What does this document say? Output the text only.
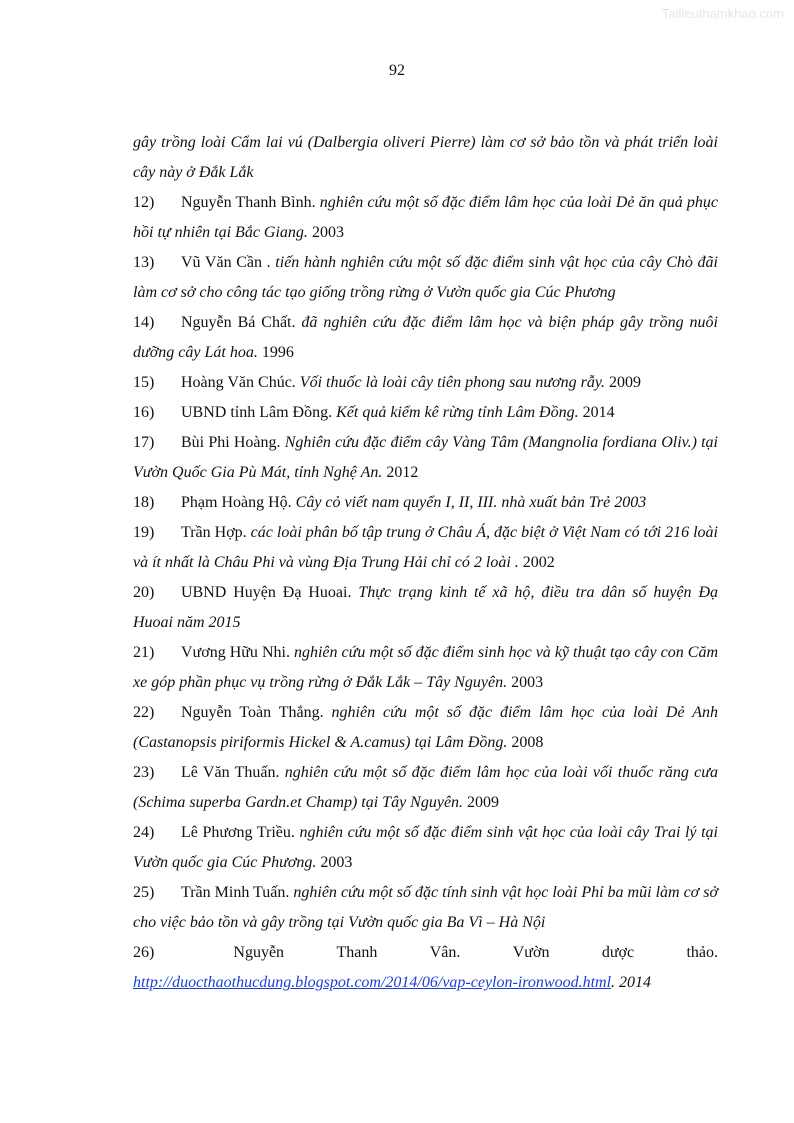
Tailieuthamkhao.com
92

gây trồng loài Cẩm lai vú (Dalbergia oliveri Pierre) làm cơ sở bảo tồn và phát triển loài cây này ở Đắk Lắk

12) Nguyễn Thanh Bình. nghiên cứu một số đặc điểm lâm học của loài Dẻ ăn quả phục hồi tự nhiên tại Bắc Giang. 2003

13) Vũ Văn Cần . tiến hành nghiên cứu một số đặc điểm sinh vật học của cây Chò đãi làm cơ sở cho công tác tạo giống trồng rừng ở Vườn quốc gia Cúc Phương

14) Nguyễn Bá Chất. đã nghiên cứu đặc điểm lâm học và biện pháp gây trồng nuôi dưỡng cây Lát hoa. 1996

15) Hoàng Văn Chúc. Vối thuốc là loài cây tiên phong sau nương rẫy. 2009

16) UBND tỉnh Lâm Đồng. Kết quả kiểm kê rừng tỉnh Lâm Đồng. 2014

17) Bùi Phi Hoàng. Nghiên cứu đặc điểm cây Vàng Tâm (Mangnolia fordiana Oliv.) tại Vườn Quốc Gia Pù Mát, tỉnh Nghệ An. 2012

18) Phạm Hoàng Hộ. Cây cỏ viết nam quyển I, II, III. nhà xuất bản Trẻ 2003

19) Trần Hợp. các loài phân bố tập trung ở Châu Á, đặc biệt ở Việt Nam có tới 216 loài và ít nhất là Châu Phi và vùng Địa Trung Hải chỉ có 2 loài . 2002

20) UBND Huyện Đạ Huoai. Thực trạng kinh tế xã hộ, điều tra dân số huyện Đạ Huoai năm 2015

21) Vương Hữu Nhi. nghiên cứu một số đặc điểm sinh học và kỹ thuật tạo cây con Căm xe góp phần phục vụ trồng rừng ở Đắk Lắk – Tây Nguyên. 2003

22) Nguyễn Toàn Thắng. nghiên cứu một số đặc điểm lâm học của loài Dẻ Anh (Castanopsis piriformis Hickel & A.camus) tại Lâm Đồng. 2008

23) Lê Văn Thuấn. nghiên cứu một số đặc điểm lâm học của loài vối thuốc răng cưa (Schima superba Gardn.et Champ) tại Tây Nguyên. 2009

24) Lê Phương Triều. nghiên cứu một số đặc điểm sinh vật học của loài cây Trai lý tại Vườn quốc gia Cúc Phương. 2003

25) Trần Minh Tuấn. nghiên cứu một số đặc tính sinh vật học loài Phỉ ba mũi làm cơ sở cho việc bảo tồn và gây trồng tại Vườn quốc gia Ba Vì – Hà Nội

26)	Nguyễn	Thanh	Vân.	Vườn	dược	thảo.

http://duocthaothucdung.blogspot.com/2014/06/vap-ceylon-ironwood.html. 2014
